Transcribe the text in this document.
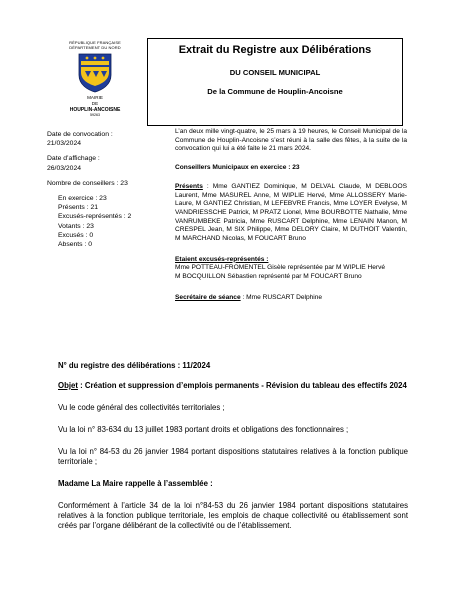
RÉPUBLIQUE FRANÇAISE
DÉPARTEMENT DU NORD
MAIRIE
DE
HOUPLIN-ANCOISNE
59263
Extrait du Registre aux Délibérations
DU CONSEIL MUNICIPAL
De la Commune de Houplin-Ancoisne
Date de convocation :
21/03/2024
Date d’affichage :
26/03/2024
Nombre de conseillers : 23
En exercice : 23
Présents : 21
Excusés-représentés : 2
Votants : 23
Excusés : 0
Absents : 0

L’an deux mille vingt-quatre, le 25 mars à 19 heures, le Conseil Municipal de la Commune de Houplin-Ancoisne s’est réuni à la salle des fêtes, à la suite de la convocation qui lui a été faite le 21 mars 2024.

Conseillers Municipaux en exercice : 23

Présents : Mme GANTIEZ Dominique, M DELVAL Claude, M DEBLOOS Laurent, Mme MASUREL Anne, M WIPLIE Hervé, Mme ALLOSSERY Marie-Laure, M GANTIEZ Christian, M LEFEBVRE Francis, Mme LOYER Evelyse, M VANDRIESSCHE Patrick, M PRATZ Lionel, Mme BOURBOTTE Nathalie, Mme VANRUMBEKE Patricia, Mme RUSCART Delphine, Mme LENAIN Manon, M CRESPEL Jean, M SIX Philippe, Mme DELORY Claire, M DUTHOIT Valentin, M MARCHAND Nicolas, M FOUCART Bruno

Etaient excusés-représentés :

Mme POTTEAU-FROMENTEL Gisèle représentée par M WIPLIE Hervé

M BOCQUILLON Sébastien représenté par M FOUCART Bruno

Secrétaire de séance : Mme RUSCART Delphine

N° du registre des délibérations : 11/2024

Objet : Création et suppression d’emplois permanents - Révision du tableau des effectifs 2024

Vu le code général des collectivités territoriales ;

Vu la loi n° 83-634 du 13 juillet 1983 portant droits et obligations des fonctionnaires ;

Vu la loi n° 84-53 du 26 janvier 1984 portant dispositions statutaires relatives à la fonction publique territoriale ;

Madame La Maire rappelle à l’assemblée :

Conformément à l’article 34 de la loi n°84-53 du 26 janvier 1984 portant dispositions statutaires relatives à la fonction publique territoriale, les emplois de chaque collectivité ou établissement sont créés par l’organe délibérant de la collectivité ou de l’établissement.
